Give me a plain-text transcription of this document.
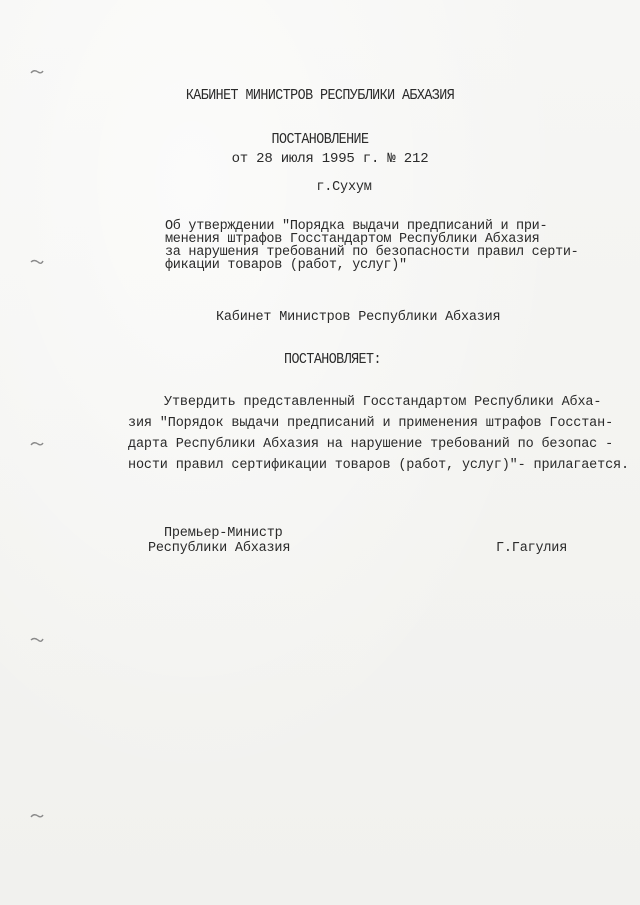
КАБИНЕТ МИНИСТРОВ РЕСПУБЛИКИ АБХАЗИЯ
ПОСТАНОВЛЕНИЕ
от 28 июля 1995 г. № 212
г.Сухум
Об утверждении "Порядка выдачи предписаний и при-
менения штрафов Госстандартом Республики Абхазия
за нарушения требований по безопасности правил серти-
фикации товаров (работ, услуг)"
Кабинет Министров Республики Абхазия
ПОСТАНОВЛЯЕТ:
Утвердить представленный Госстандартом Республики Абха-
зия "Порядок выдачи предписаний и применения штрафов Госстан-
дарта Республики Абхазия на нарушение требований по безопас -
ности правил сертификации товаров (работ, услуг)"- прилагается.
Премьер-Министр
Республики Абхазия	Г.Гагулия
